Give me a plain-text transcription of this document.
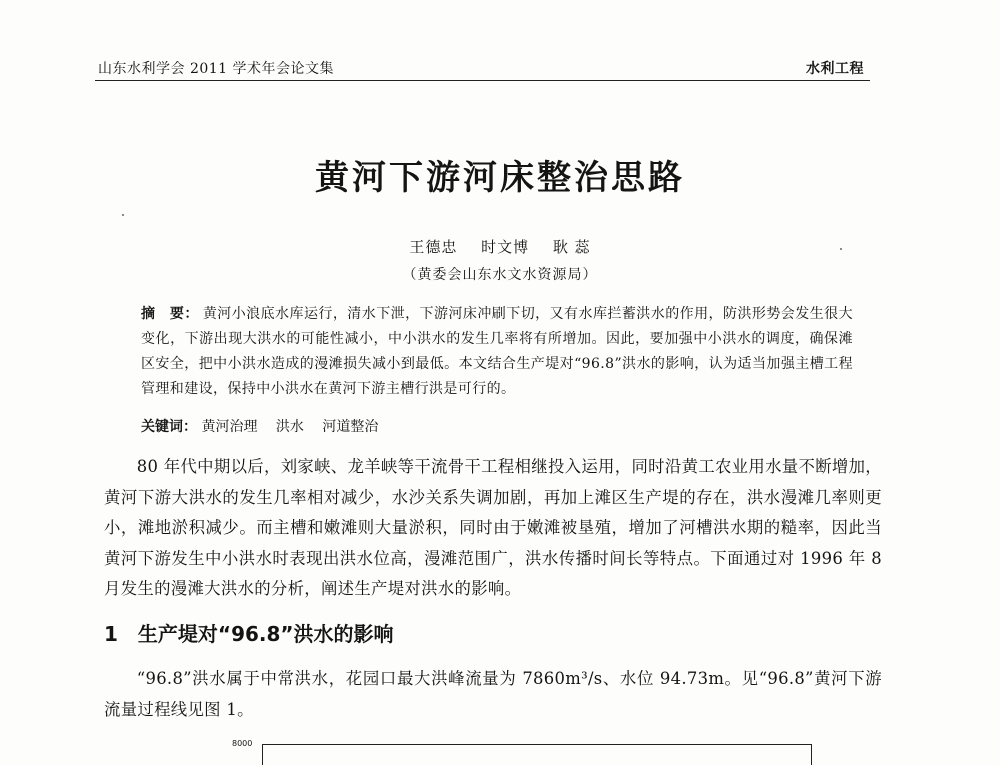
山东水利学会 2011 学术年会论文集	水利工程
黄河下游河床整治思路
王德忠 时文博 耿 蕊
（黄委会山东水文水资源局）
摘　要： 黄河小浪底水库运行，清水下泄，下游河床冲刷下切，又有水库拦蓄洪水的作用，防洪形势会发生很大变化，下游出现大洪水的可能性减小，中小洪水的发生几率将有所增加。因此，要加强中小洪水的调度，确保滩区安全，把中小洪水造成的漫滩损失减小到最低。本文结合生产堤对“96.8”洪水的影响，认为适当加强主槽工程管理和建设，保持中小洪水在黄河下游主槽行洪是可行的。
关键词： 黄河治理 洪水 河道整治
80 年代中期以后，刘家峡、龙羊峡等干流骨干工程相继投入运用，同时沿黄工农业用水量不断增加，黄河下游大洪水的发生几率相对减少，水沙关系失调加剧，再加上滩区生产堤的存在，洪水漫滩几率则更小，滩地淤积减少。而主槽和嫩滩则大量淤积，同时由于嫩滩被垦殖，增加了河槽洪水期的糙率，因此当黄河下游发生中小洪水时表现出洪水位高，漫滩范围广，洪水传播时间长等特点。下面通过对 1996 年 8 月发生的漫滩大洪水的分析，阐述生产堤对洪水的影响。
1 生产堤对“96.8”洪水的影响
“96.8”洪水属于中常洪水，花园口最大洪峰流量为 7860m³/s、水位 94.73m。见“96.8”黄河下游流量过程线见图 1。
8000
